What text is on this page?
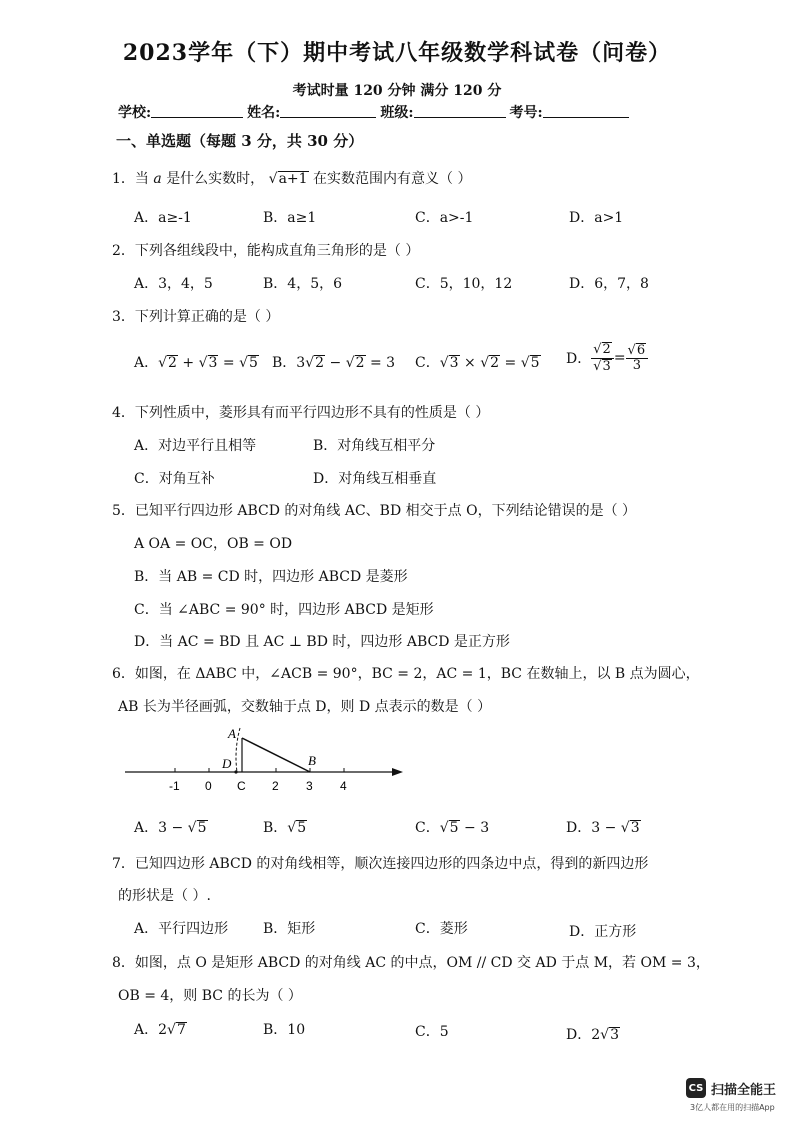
2023学年（下）期中考试八年级数学科试卷（问卷）
考试时量 120 分钟 满分 120 分
学校:	姓名:	班级:	考号:
一、单选题（每题 3 分，共 30 分）
1．当 a 是什么实数时， √a+1 在实数范围内有意义（ ）
A．a≥-1	B．a≥1	C．a>-1	D．a>1
2．下列各组线段中，能构成直角三角形的是（ ）
A．3，4，5	B．4，5，6	C．5，10，12	D．6，7，8
3．下列计算正确的是（ ）
A．√2 + √3 = √5 B．3√2 − √2 = 3 C．√3 × √2 = √5 D． $\frac{√2}{√3} = \frac{√6}{3}$
4．下列性质中，菱形具有而平行四边形不具有的性质是（ ）
A．对边平行且相等	B．对角线互相平分
C．对角互补	D．对角线互相垂直
5．已知平行四边形 ABCD 的对角线 AC、BD 相交于点 O，下列结论错误的是（ ）
A OA = OC，OB = OD
B．当 AB = CD 时，四边形 ABCD 是菱形
C．当 ∠ABC = 90° 时，四边形 ABCD 是矩形
D．当 AC = BD 且 AC ⊥ BD 时，四边形 ABCD 是正方形
6．如图，在 ΔABC 中，∠ACB = 90°，BC = 2，AC = 1，BC 在数轴上，以 B 点为圆心，
AB 长为半径画弧，交数轴于点 D，则 D 点表示的数是（ ）
A
D	B
-1 0 C 2 3 4
A．3 − √5	B．√5	C．√5 − 3	D．3 − √3
7．已知四边形 ABCD 的对角线相等，顺次连接四边形的四条边中点，得到的新四边形
的形状是（ ）.
A．平行四边形 B．矩形	C．菱形	D．正方形
8．如图，点 O 是矩形 ABCD 的对角线 AC 的中点，OM // CD 交 AD 于点 M，若 OM = 3，
OB = 4，则 BC 的长为（ ）
A．2√7	B．10	C．5	D．2√3
CS 扫描全能王
3亿人都在用的扫描App
